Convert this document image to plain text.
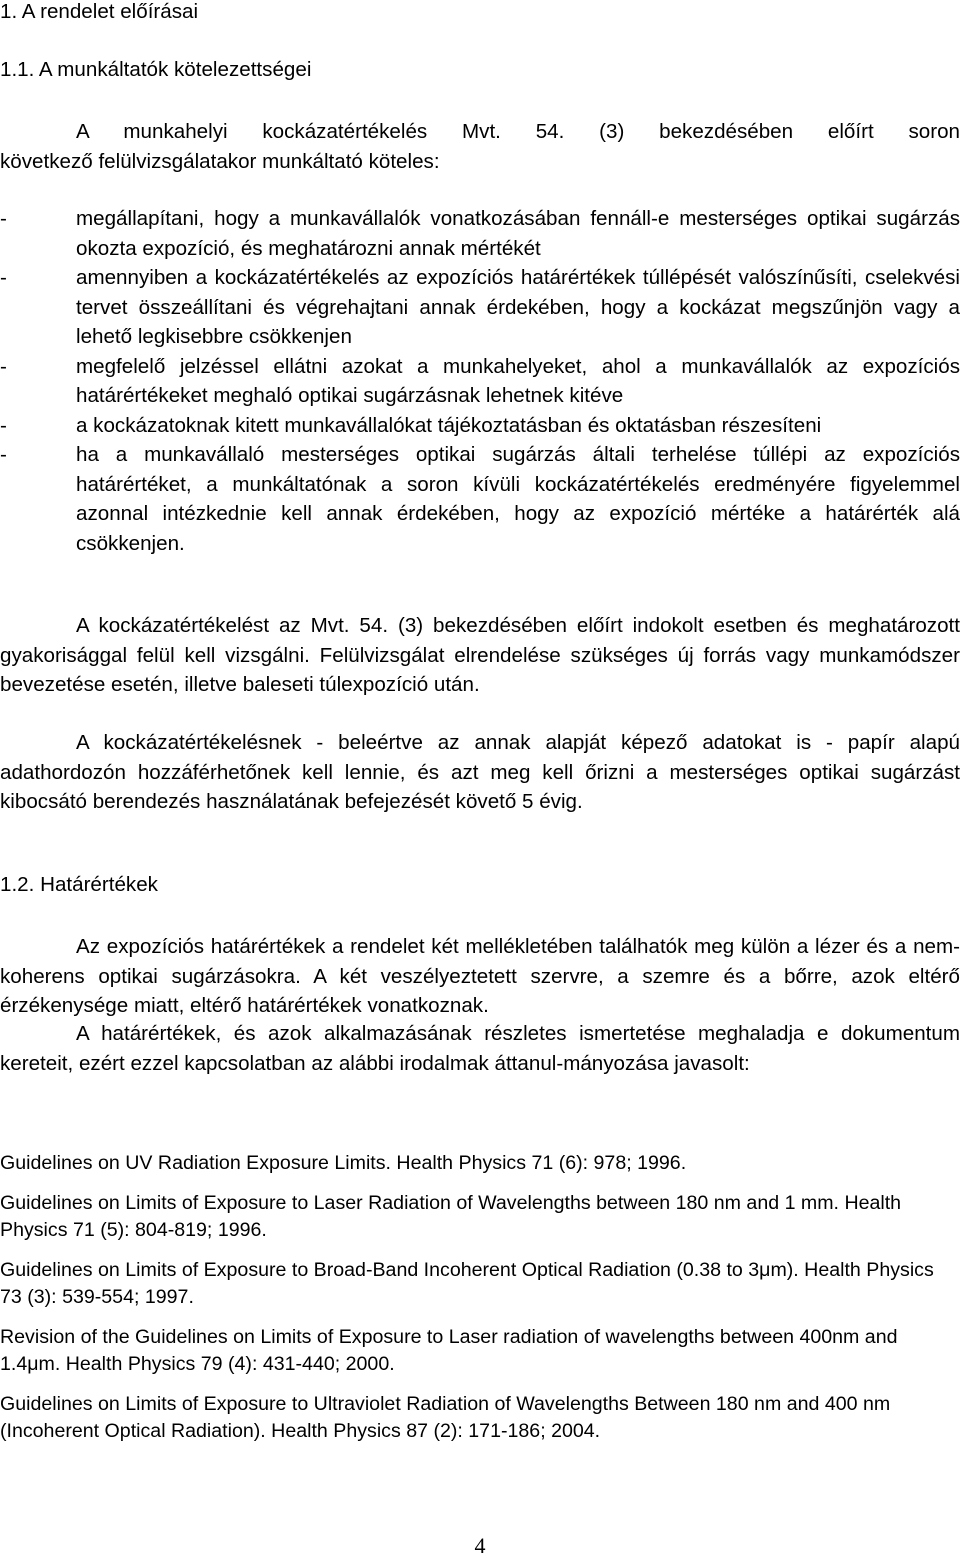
1. A rendelet előírásai
1.1. A munkáltatók kötelezettségei
A munkahelyi kockázatértékelés Mvt. 54. (3) bekezdésében előírt soron
következő felülvizsgálatakor munkáltató köteles:
-	megállapítani, hogy a munkavállalók vonatkozásában fennáll-e mesterséges optikai sugárzás okozta expozíció, és meghatározni annak mértékét
-	amennyiben a kockázatértékelés az expozíciós határértékek túllépését valószínűsíti, cselekvési tervet összeállítani és végrehajtani annak érdekében, hogy a kockázat megszűnjön vagy a lehető legkisebbre csökkenjen
-	megfelelő jelzéssel ellátni azokat a munkahelyeket, ahol a munkavállalók az expozíciós határértékeket meghaló optikai sugárzásnak lehetnek kitéve
-	a kockázatoknak kitett munkavállalókat tájékoztatásban és oktatásban részesíteni
-	ha a munkavállaló mesterséges optikai sugárzás általi terhelése túllépi az expozíciós határértéket, a munkáltatónak a soron kívüli kockázatértékelés eredményére figyelemmel azonnal intézkednie kell annak érdekében, hogy az expozíció mértéke a határérték alá csökkenjen.
A kockázatértékelést az Mvt. 54. (3) bekezdésében előírt indokolt esetben és meghatározott gyakorisággal felül kell vizsgálni. Felülvizsgálat elrendelése szükséges új forrás vagy munkamódszer bevezetése esetén, illetve baleseti túlexpozíció után.
A kockázatértékelésnek - beleértve az annak alapját képező adatokat is - papír alapú adathordozón hozzáférhetőnek kell lennie, és azt meg kell őrizni a mesterséges optikai sugárzást kibocsátó berendezés használatának befejezését követő 5 évig.
1.2. Határértékek
Az expozíciós határértékek a rendelet két mellékletében találhatók meg külön a lézer és a nem-koherens optikai sugárzásokra. A két veszélyeztetett szervre, a szemre és a bőrre, azok eltérő érzékenysége miatt, eltérő határértékek vonatkoznak.
A határértékek, és azok alkalmazásának részletes ismertetése meghaladja e dokumentum kereteit, ezért ezzel kapcsolatban az alábbi irodalmak áttanul-mányozása javasolt:
Guidelines on UV Radiation Exposure Limits. Health Physics 71 (6): 978; 1996.
Guidelines on Limits of Exposure to Laser Radiation of Wavelengths between 180 nm and 1 mm. Health Physics 71 (5): 804-819; 1996.
Guidelines on Limits of Exposure to Broad-Band Incoherent Optical Radiation (0.38 to 3μm). Health Physics 73 (3): 539-554; 1997.
Revision of the Guidelines on Limits of Exposure to Laser radiation of wavelengths between 400nm and 1.4μm. Health Physics 79 (4): 431-440; 2000.
Guidelines on Limits of Exposure to Ultraviolet Radiation of Wavelengths Between 180 nm and 400 nm (Incoherent Optical Radiation). Health Physics 87 (2): 171-186; 2004.
4
